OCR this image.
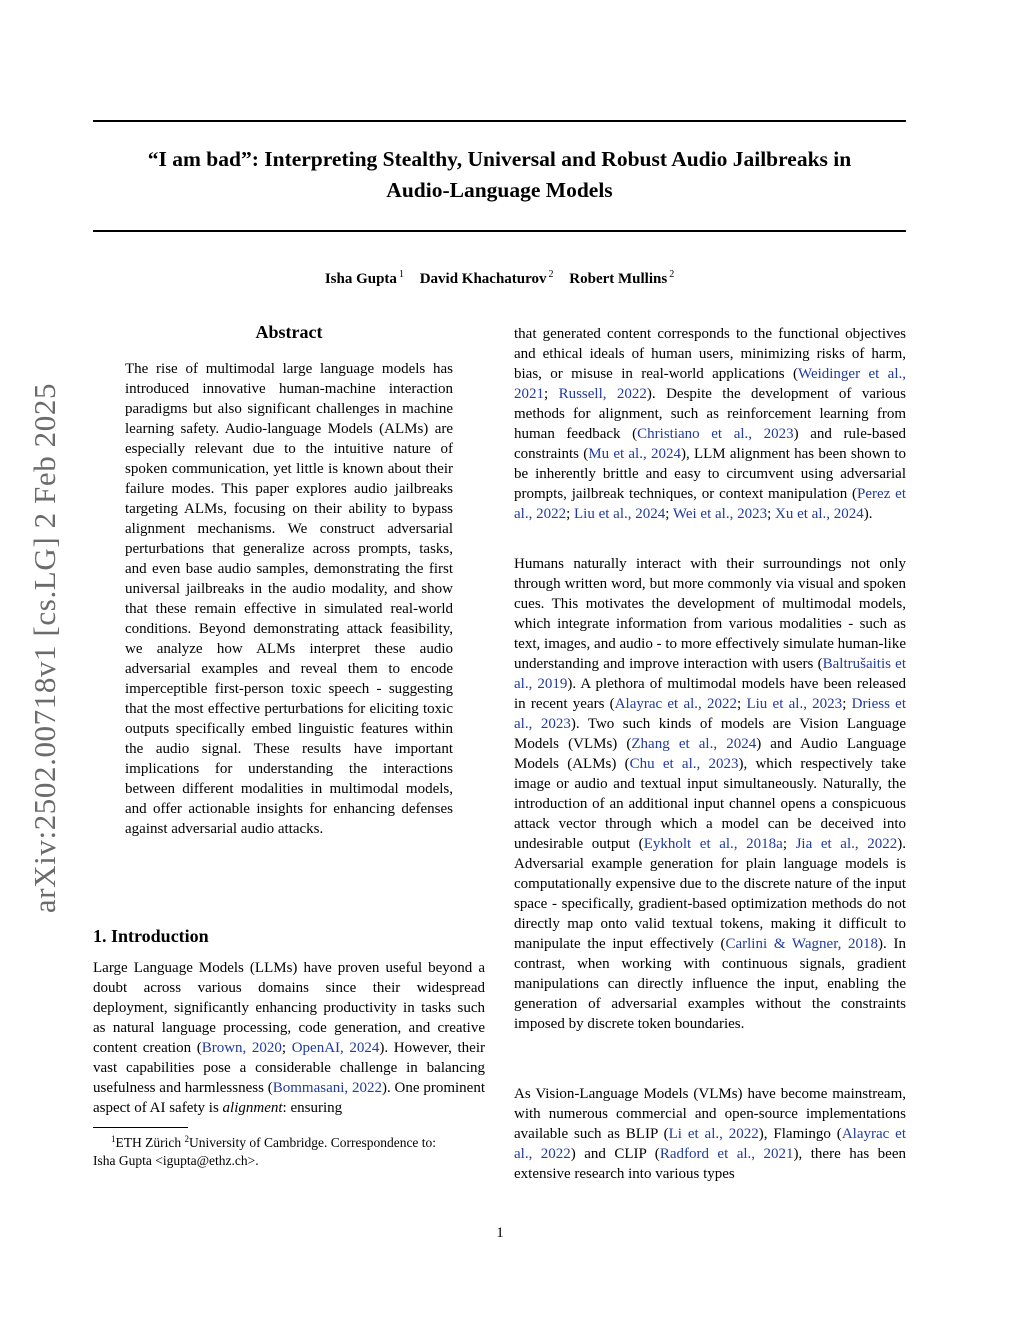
arXiv:2502.00718v1 [cs.LG] 2 Feb 2025
“I am bad”: Interpreting Stealthy, Universal and Robust Audio Jailbreaks in
Audio-Language Models
Isha Gupta $^1$ David Khachaturov $^2$ Robert Mullins $^2$
Abstract

The rise of multimodal large language models has introduced innovative human-machine interaction paradigms but also significant challenges in machine learning safety. Audio-language Models (ALMs) are especially relevant due to the intuitive nature of spoken communication, yet little is known about their failure modes. This paper explores audio jailbreaks targeting ALMs, focusing on their ability to bypass alignment mechanisms. We construct adversarial perturbations that generalize across prompts, tasks, and even base audio samples, demonstrating the first universal jailbreaks in the audio modality, and show that these remain effective in simulated real-world conditions. Beyond demonstrating attack feasibility, we analyze how ALMs interpret these audio adversarial examples and reveal them to encode imperceptible first-person toxic speech - suggesting that the most effective perturbations for eliciting toxic outputs specifically embed linguistic features within the audio signal. These results have important implications for understanding the interactions between different modalities in multimodal models, and offer actionable insights for enhancing defenses against adversarial audio attacks.

1. Introduction

Large Language Models (LLMs) have proven useful beyond a doubt across various domains since their widespread deployment, significantly enhancing productivity in tasks such as natural language processing, code generation, and creative content creation (Brown, 2020; OpenAI, 2024). However, their vast capabilities pose a considerable challenge in balancing usefulness and harmlessness (Bommasani, 2022). One prominent aspect of AI safety is alignment: ensuring

$^1$ETH Zürich $^2$University of Cambridge. Correspondence to:
Isha Gupta <igupta@ethz.ch>.

that generated content corresponds to the functional objectives and ethical ideals of human users, minimizing risks of harm, bias, or misuse in real-world applications (Weidinger et al., 2021; Russell, 2022). Despite the development of various methods for alignment, such as reinforcement learning from human feedback (Christiano et al., 2023) and rule-based constraints (Mu et al., 2024), LLM alignment has been shown to be inherently brittle and easy to circumvent using adversarial prompts, jailbreak techniques, or context manipulation (Perez et al., 2022; Liu et al., 2024; Wei et al., 2023; Xu et al., 2024).

Humans naturally interact with their surroundings not only through written word, but more commonly via visual and spoken cues. This motivates the development of multimodal models, which integrate information from various modalities - such as text, images, and audio - to more effectively simulate human-like understanding and improve interaction with users (Baltrušaitis et al., 2019). A plethora of multimodal models have been released in recent years (Alayrac et al., 2022; Liu et al., 2023; Driess et al., 2023). Two such kinds of models are Vision Language Models (VLMs) (Zhang et al., 2024) and Audio Language Models (ALMs) (Chu et al., 2023), which respectively take image or audio and textual input simultaneously. Naturally, the introduction of an additional input channel opens a conspicuous attack vector through which a model can be deceived into undesirable output (Eykholt et al., 2018a; Jia et al., 2022). Adversarial example generation for plain language models is computationally expensive due to the discrete nature of the input space - specifically, gradient-based optimization methods do not directly map onto valid textual tokens, making it difficult to manipulate the input effectively (Carlini & Wagner, 2018). In contrast, when working with continuous signals, gradient manipulations can directly influence the input, enabling the generation of adversarial examples without the constraints imposed by discrete token boundaries.

As Vision-Language Models (VLMs) have become mainstream, with numerous commercial and open-source implementations available such as BLIP (Li et al., 2022), Flamingo (Alayrac et al., 2022) and CLIP (Radford et al., 2021), there has been extensive research into various types

1
